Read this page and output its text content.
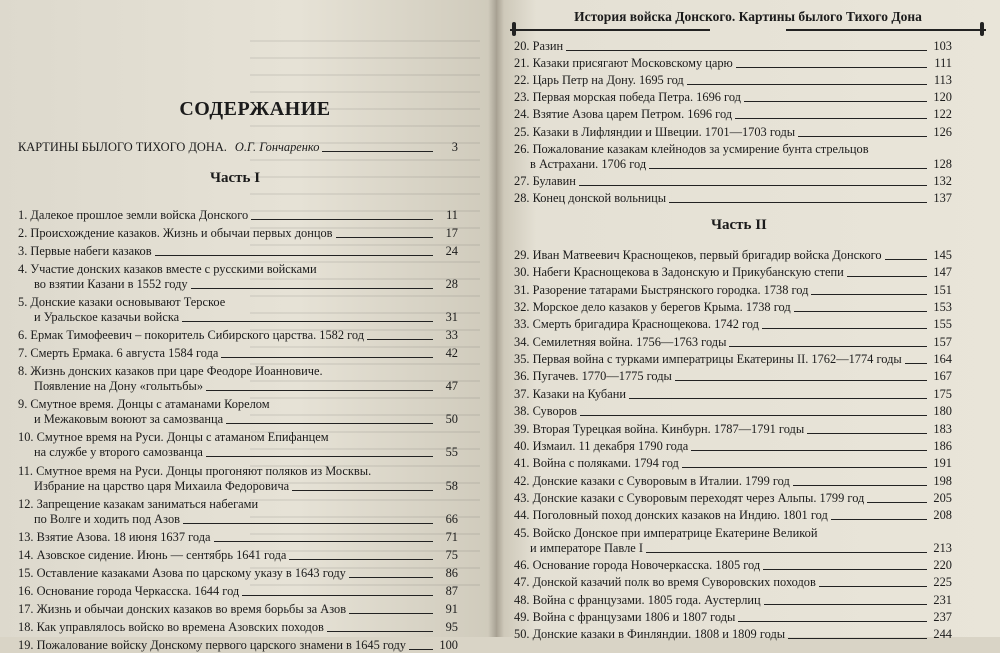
СОДЕРЖАНИЕ
КАРТИНЫ БЫЛОГО ТИХОГО ДОНА. О.Г. Гончаренко	3
Часть I
1. Далекое прошлое земли войска Донского	11
2. Происхождение казаков. Жизнь и обычаи первых донцов	17
3. Первые набеги казаков	24
4. Участие донских казаков вместе с русскими войсками
во взятии Казани в 1552 году	28
5. Донские казаки основывают Терское
и Уральское казачьи войска	31
6. Ермак Тимофеевич – покоритель Сибирского царства. 1582 год	33
7. Смерть Ермака. 6 августа 1584 года	42
8. Жизнь донских казаков при царе Феодоре Иоанновиче.
Появление на Дону «голытьбы»	47
9. Смутное время. Донцы с атаманами Корелом
и Межаковым воюют за самозванца	50
10. Смутное время на Руси. Донцы с атаманом Епифанцем
на службе у второго самозванца	55
11. Смутное время на Руси. Донцы прогоняют поляков из Москвы.
Избрание на царство царя Михаила Федоровича	58
12. Запрещение казакам заниматься набегами
по Волге и ходить под Азов	66
13. Взятие Азова. 18 июня 1637 года	71
14. Азовское сидение. Июнь — сентябрь 1641 года	75
15. Оставление казаками Азова по царскому указу в 1643 году	86
16. Основание города Черкасска. 1644 год	87
17. Жизнь и обычаи донских казаков во время борьбы за Азов	91
18. Как управлялось войско во времена Азовских походов	95
19. Пожалование войску Донскому первого царского знамени в 1645 году	100
История войска Донского. Картины былого Тихого Дона
20. Разин	103
21. Казаки присягают Московскому царю	111
22. Царь Петр на Дону. 1695 год	113
23. Первая морская победа Петра. 1696 год	120
24. Взятие Азова царем Петром. 1696 год	122
25. Казаки в Лифляндии и Швеции. 1701—1703 годы	126
26. Пожалование казакам клейнодов за усмирение бунта стрельцов
в Астрахани. 1706 год	128
27. Булавин	132
28. Конец донской вольницы	137
Часть II
29. Иван Матвеевич Краснощеков, первый бригадир войска Донского	145
30. Набеги Краснощекова в Задонскую и Прикубанскую степи	147
31. Разорение татарами Быстрянского городка. 1738 год	151
32. Морское дело казаков у берегов Крыма. 1738 год	153
33. Смерть бригадира Краснощекова. 1742 год	155
34. Семилетняя война. 1756—1763 годы	157
35. Первая война с турками императрицы Екатерины II. 1762—1774 годы	164
36. Пугачев. 1770—1775 годы	167
37. Казаки на Кубани	175
38. Суворов	180
39. Вторая Турецкая война. Кинбурн. 1787—1791 годы	183
40. Измаил. 11 декабря 1790 года	186
41. Война с поляками. 1794 год	191
42. Донские казаки с Суворовым в Италии. 1799 год	198
43. Донские казаки с Суворовым переходят через Альпы. 1799 год	205
44. Поголовный поход донских казаков на Индию. 1801 год	208
45. Войско Донское при императрице Екатерине Великой
и императоре Павле I	213
46. Основание города Новочеркасска. 1805 год	220
47. Донской казачий полк во время Суворовских походов	225
48. Война с французами. 1805 года. Аустерлиц	231
49. Война с французами 1806 и 1807 годы	237
50. Донские казаки в Финляндии. 1808 и 1809 годы	244
